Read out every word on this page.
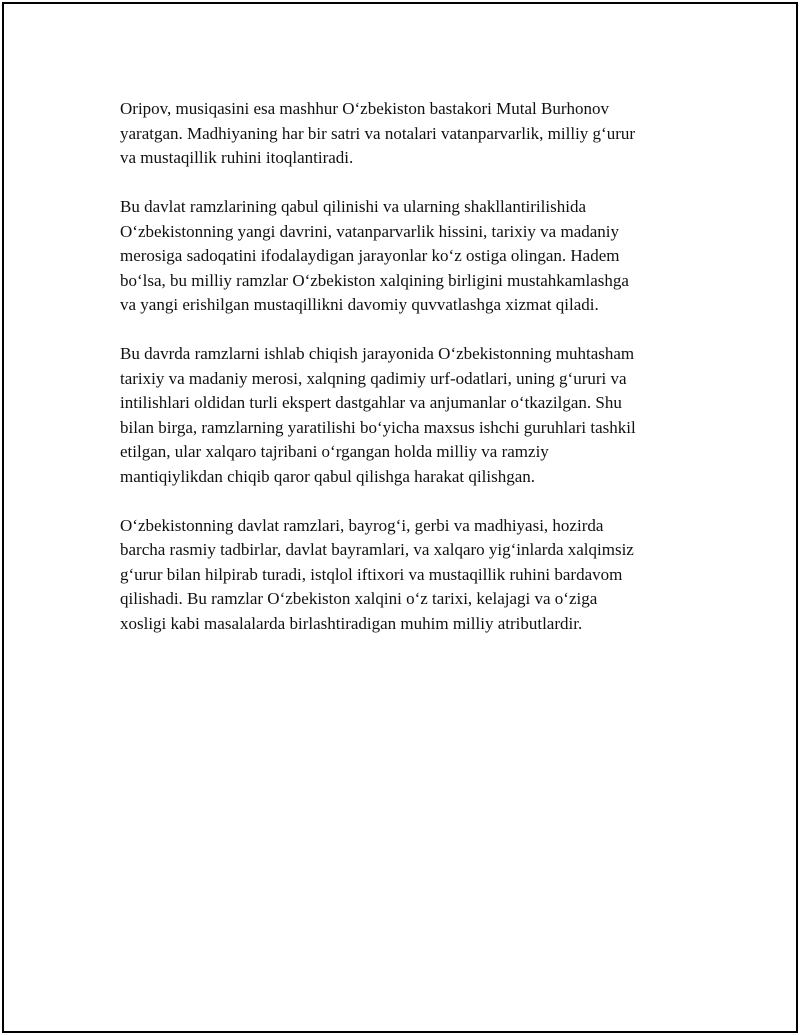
Oripov, musiqasini esa mashhur O‘zbekiston bastakori Mutal Burhonov
yaratgan. Madhiyaning har bir satri va notalari vatanparvarlik, milliy g‘urur
va mustaqillik ruhini itoqlantiradi.

Bu davlat ramzlarining qabul qilinishi va ularning shakllantirilishida
O‘zbekistonning yangi davrini, vatanparvarlik hissini, tarixiy va madaniy
merosiga sadoqatini ifodalaydigan jarayonlar ko‘z ostiga olingan. Hadem
bo‘lsa, bu milliy ramzlar O‘zbekiston xalqining birligini mustahkamlashga
va yangi erishilgan mustaqillikni davomiy quvvatlashga xizmat qiladi.

Bu davrda ramzlarni ishlab chiqish jarayonida O‘zbekistonning muhtasham
tarixiy va madaniy merosi, xalqning qadimiy urf-odatlari, uning g‘ururi va
intilishlari oldidan turli ekspert dastgahlar va anjumanlar o‘tkazilgan. Shu
bilan birga, ramzlarning yaratilishi bo‘yicha maxsus ishchi guruhlari tashkil
etilgan, ular xalqaro tajribani o‘rgangan holda milliy va ramziy
mantiqiylikdan chiqib qaror qabul qilishga harakat qilishgan.

O‘zbekistonning davlat ramzlari, bayrog‘i, gerbi va madhiyasi, hozirda
barcha rasmiy tadbirlar, davlat bayramlari, va xalqaro yig‘inlarda xalqimsiz
g‘urur bilan hilpirab turadi, istqlol iftixori va mustaqillik ruhini bardavom
qilishadi. Bu ramzlar O‘zbekiston xalqini o‘z tarixi, kelajagi va o‘ziga
xosligi kabi masalalarda birlashtiradigan muhim milliy atributlardir.
